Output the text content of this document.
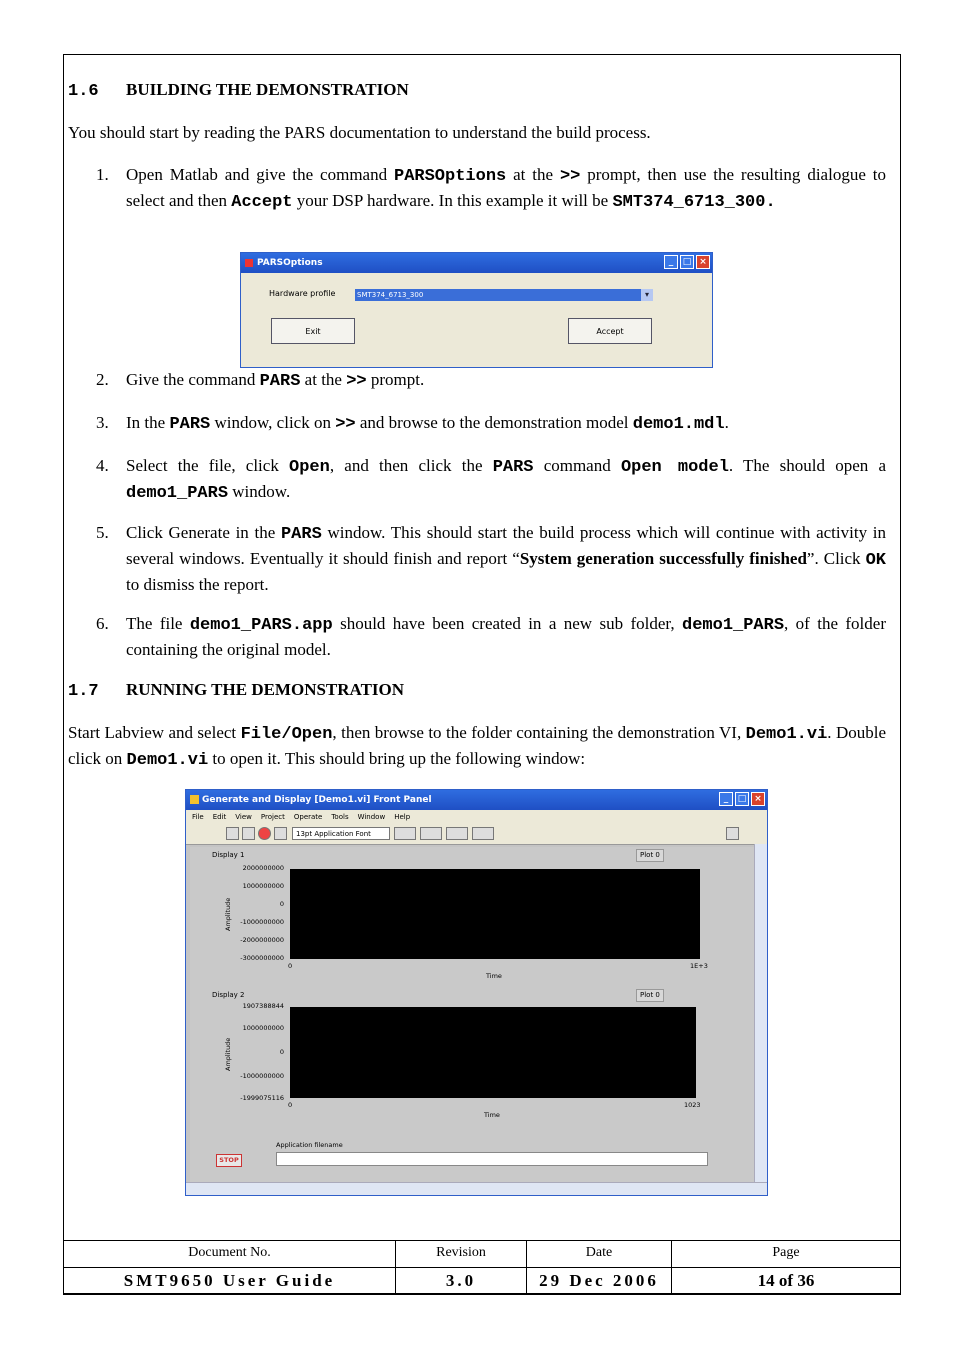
1.6 BUILDING THE DEMONSTRATION
You should start by reading the PARS documentation to understand the build process.
1. Open Matlab and give the command PARSOptions at the >> prompt, then use the resulting dialogue to select and then Accept your DSP hardware. In this example it will be SMT374_6713_300.
PARSOptions	_	□ ×
Hardware profile	SMT374_6713_300	▾
Exit	Accept
2. Give the command PARS at the >> prompt.
3. In the PARS window, click on >> and browse to the demonstration model demo1.mdl.
4. Select the file, click Open, and then click the PARS command Open model. The should open a demo1_PARS window.
5. Click Generate in the PARS window. This should start the build process which will continue with activity in several windows. Eventually it should finish and report “System generation successfully finished”. Click OK to dismiss the report.
6. The file demo1_PARS.app should have been created in a new sub folder, demo1_PARS, of the folder containing the original model.
1.7 RUNNING THE DEMONSTRATION
Start Labview and select File/Open, then browse to the folder containing the demonstration VI, Demo1.vi. Double click on Demo1.vi to open it. This should bring up the following window:
Generate and Display [Demo1.vi] Front Panel	_	□ ×
File Edit View Project Operate Tools Window Help
13pt Application Font
Display 1	Plot 0
2000000000
1000000000
0
-1000000000
-2000000000
-3000000000
0	1E+3
Time
Amplitude
Display 2	Plot 0
1907388844
1000000000
0
-1000000000
-1999075116
0	1023
Time
Amplitude
Application filename
STOP
Document No.	Revision	Date	Page
SMT9650 User Guide	3.0	29 Dec 2006	14 of 36
